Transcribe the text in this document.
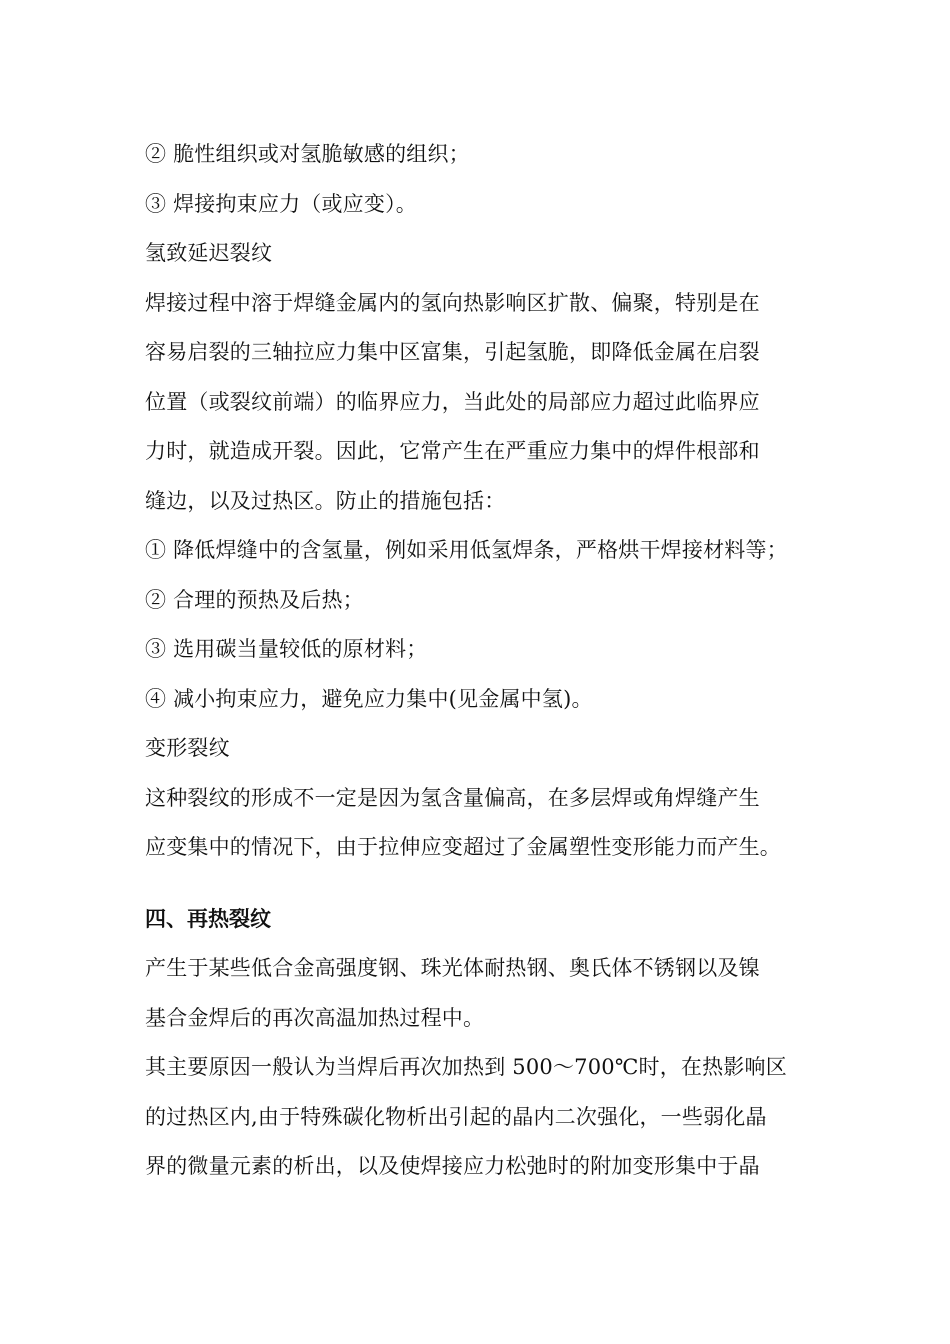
② 脆性组织或对氢脆敏感的组织；
③ 焊接拘束应力（或应变）。
氢致延迟裂纹
焊接过程中溶于焊缝金属内的氢向热影响区扩散、偏聚，特别是在
容易启裂的三轴拉应力集中区富集，引起氢脆，即降低金属在启裂
位置（或裂纹前端）的临界应力，当此处的局部应力超过此临界应
力时，就造成开裂。因此，它常产生在严重应力集中的焊件根部和
缝边，以及过热区。防止的措施包括：
① 降低焊缝中的含氢量，例如采用低氢焊条，严格烘干焊接材料等；
② 合理的预热及后热；
③ 选用碳当量较低的原材料；
④ 减小拘束应力，避免应力集中(见金属中氢)。
变形裂纹
这种裂纹的形成不一定是因为氢含量偏高，在多层焊或角焊缝产生
应变集中的情况下，由于拉伸应变超过了金属塑性变形能力而产生。
四、再热裂纹
产生于某些低合金高强度钢、珠光体耐热钢、奥氏体不锈钢以及镍
基合金焊后的再次高温加热过程中。
其主要原因一般认为当焊后再次加热到 500～700℃时，在热影响区
的过热区内,由于特殊碳化物析出引起的晶内二次强化，一些弱化晶
界的微量元素的析出，以及使焊接应力松弛时的附加变形集中于晶
